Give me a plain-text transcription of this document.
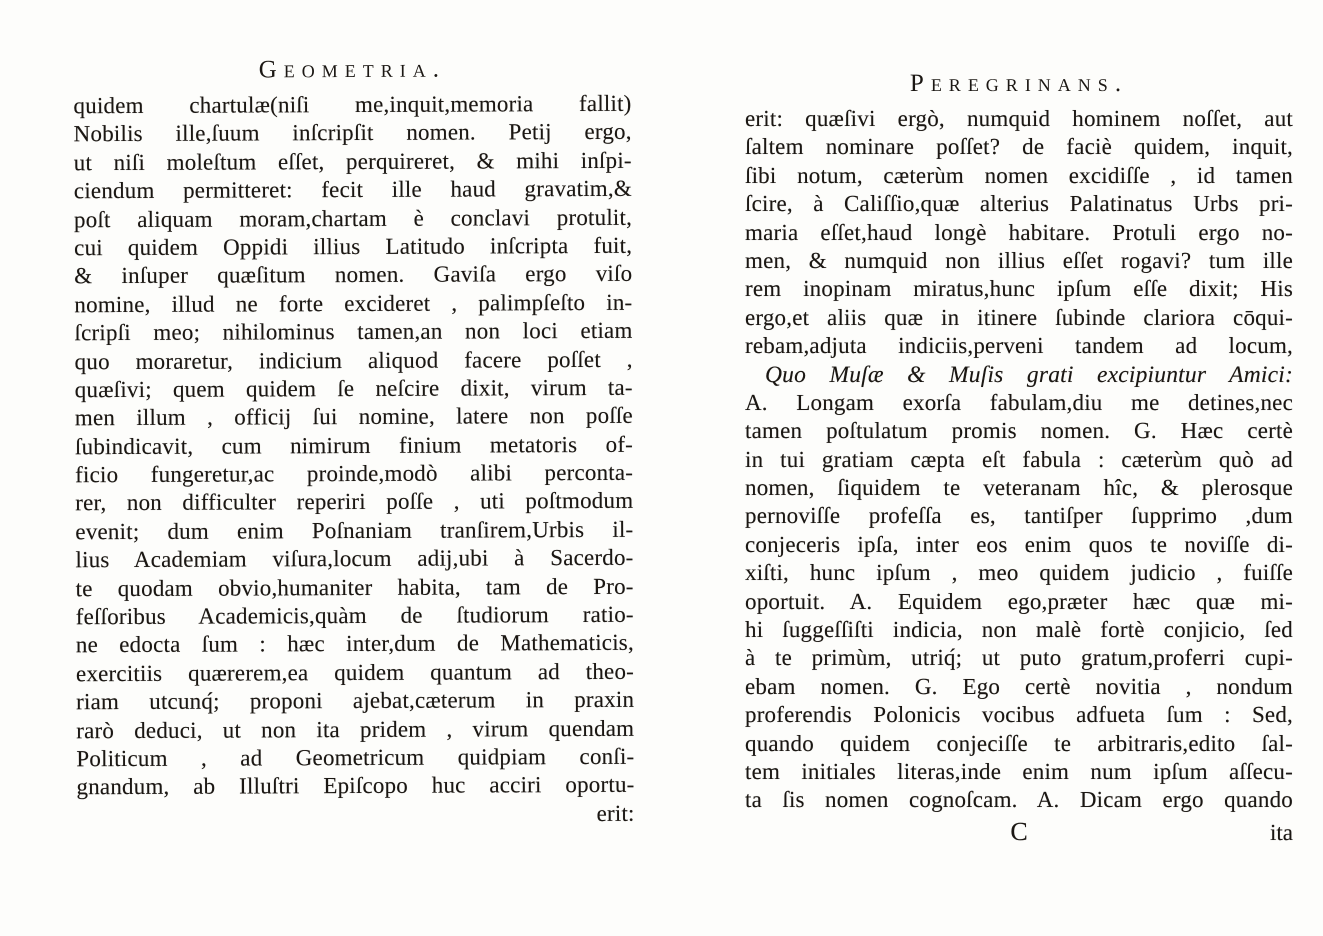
Geometria.
quidem chartulæ(niſi me,inquit,memoria fallit)
Nobilis ille,ſuum inſcripſit nomen. Petij ergo,
ut niſi moleſtum eſſet, perquireret, & mihi inſpi-
ciendum permitteret: fecit ille haud gravatim,&
poſt aliquam moram,chartam è conclavi protulit,
cui quidem Oppidi illius Latitudo inſcripta fuit,
& inſuper quæſitum nomen. Gaviſa ergo viſo
nomine, illud ne forte excideret , palimpſeſto in-
ſcripſi meo; nihilominus tamen,an non loci etiam
quo moraretur, indicium aliquod facere poſſet ,
quæſivi; quem quidem ſe neſcire dixit, virum ta-
men illum , officij ſui nomine, latere non poſſe
ſubindicavit, cum nimirum finium metatoris of-
ficio fungeretur,ac proinde,modò alibi perconta-
rer, non difficulter reperiri poſſe , uti poſtmodum
evenit; dum enim Poſnaniam tranſirem,Urbis il-
lius Academiam viſura,locum adij,ubi à Sacerdo-
te quodam obvio,humaniter habita, tam de Pro-
feſſoribus Academicis,quàm de ſtudiorum ratio-
ne edocta ſum : hæc inter,dum de Mathematicis,
exercitiis quærerem,ea quidem quantum ad theo-
riam utcunq́; proponi ajebat,cæterum in praxin
rarò deduci, ut non ita pridem , virum quendam
Politicum , ad Geometricum quidpiam conſi-
gnandum, ab Illuſtri Epiſcopo huc acciri oportu-
erit:
Peregrinans.
erit: quæſivi ergò, numquid hominem noſſet, aut
ſaltem nominare poſſet? de faciè quidem, inquit,
ſibi notum, cæterùm nomen excidiſſe , id tamen
ſcire, à Caliſſio,quæ alterius Palatinatus Urbs pri-
maria eſſet,haud longè habitare. Protuli ergo no-
men, & numquid non illius eſſet rogavi? tum ille
rem inopinam miratus,hunc ipſum eſſe dixit; His
ergo,et aliis quæ in itinere ſubinde clariora cōqui-
rebam,adjuta indiciis,perveni tandem ad locum,
Quo Muſæ & Muſis grati excipiuntur Amici:
A. Longam exorſa fabulam,diu me detines,nec
tamen poſtulatum promis nomen. G. Hæc certè
in tui gratiam cæpta eſt fabula : cæterùm quò ad
nomen, ſiquidem te veteranam hîc, & plerosque
pernoviſſe profeſſa es, tantiſper ſupprimo ,dum
conjeceris ipſa, inter eos enim quos te noviſſe di-
xiſti, hunc ipſum , meo quidem judicio , fuiſſe
oportuit. A. Equidem ego,præter hæc quæ mi-
hi ſuggeſſiſti indicia, non malè fortè conjicio, ſed
à te primùm, utriq́; ut puto gratum,proferri cupi-
ebam nomen. G. Ego certè novitia , nondum
proferendis Polonicis vocibus adfueta ſum : Sed,
quando quidem conjeciſſe te arbitraris,edito ſal-
tem initiales literas,inde enim num ipſum aſſecu-
ta ſis nomen cognoſcam. A. Dicam ergo quando
C	ita
